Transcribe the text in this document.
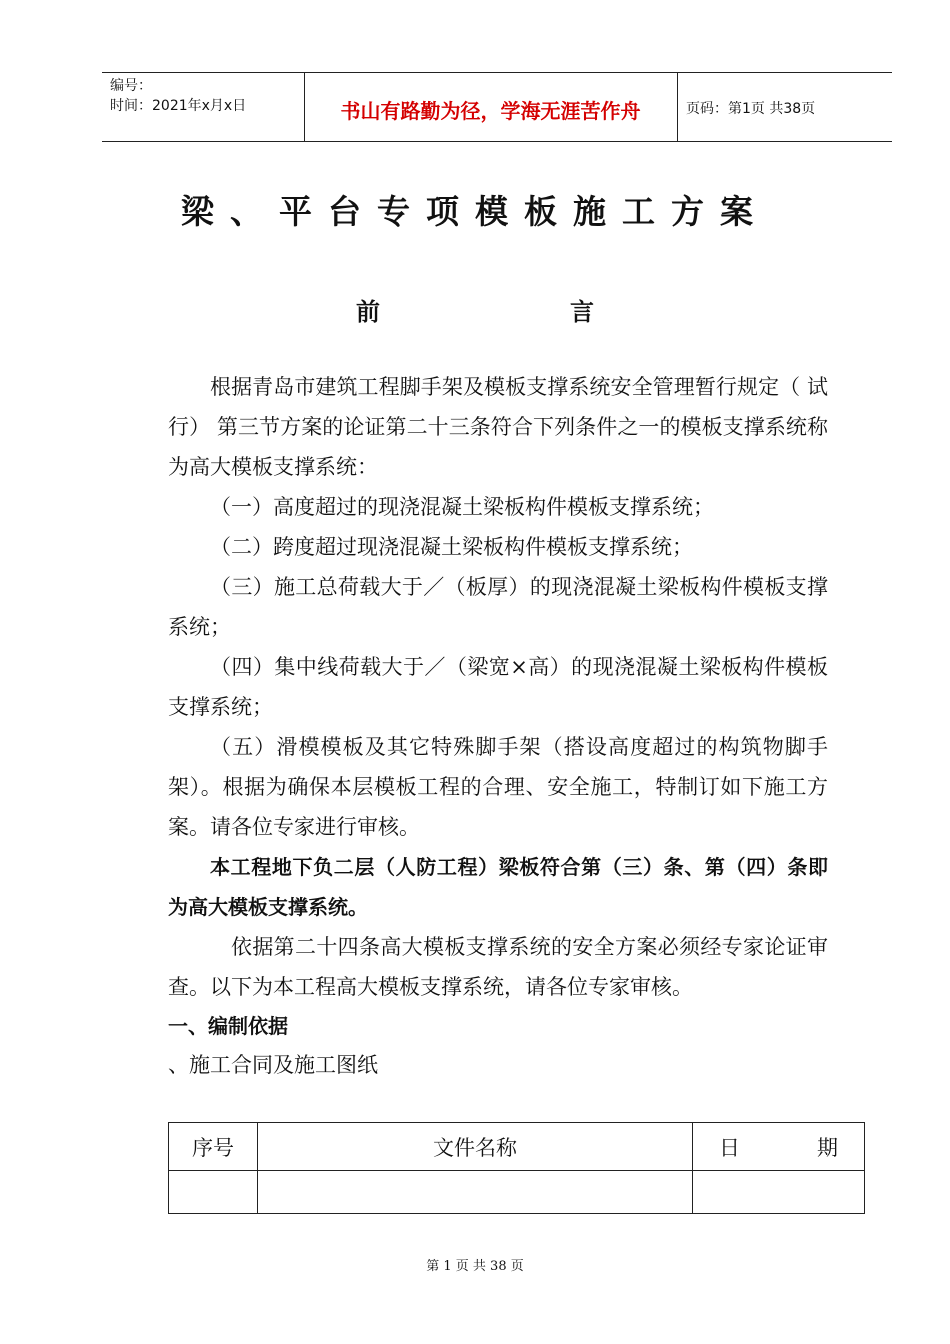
编号：
时间：2021年x月x日	书山有路勤为径，学海无涯苦作舟	页码：第1页 共38页
梁、平台专项模板施工方案
前	言

根据青岛市建筑工程脚手架及模板支撑系统安全管理暂行规定（ 试 行） 第三节方案的论证第二十三条符合下列条件之一的模板支撑系统称为高大模板支撑系统：

（一）高度超过的现浇混凝土梁板构件模板支撑系统；

（二）跨度超过现浇混凝土梁板构件模板支撑系统；

（三）施工总荷载大于／（板厚）的现浇混凝土梁板构件模板支撑系统；

（四）集中线荷载大于／（梁宽×高）的现浇混凝土梁板构件模板支撑系统；

（五）滑模模板及其它特殊脚手架（搭设高度超过的构筑物脚手架）。根据为确保本层模板工程的合理、安全施工，特制订如下施工方案。请各位专家进行审核。

本工程地下负二层（人防工程）梁板符合第（三）条、第（四）条即为高大模板支撑系统。

依据第二十四条高大模板支撑系统的安全方案必须经专家论证审查。以下为本工程高大模板支撑系统，请各位专家审核。

一、编制依据

、施工合同及施工图纸

序号	文件名称	日 期

第 1 页 共 38 页
